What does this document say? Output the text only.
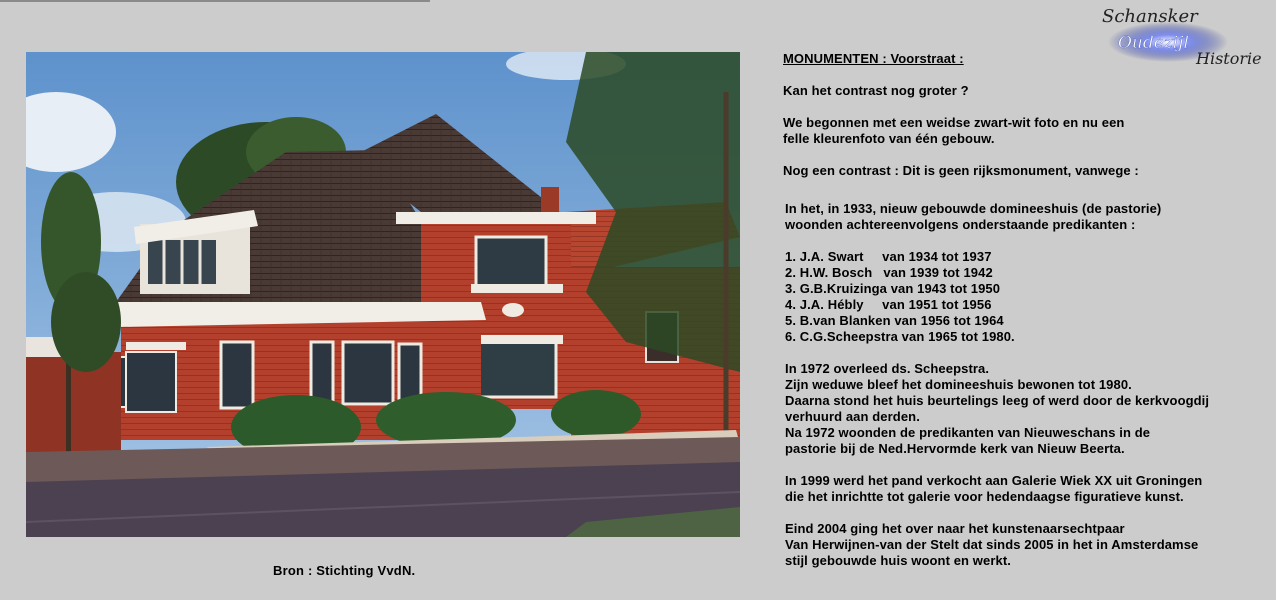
Bron : Stichting VvdN.
Schansker
Oudezijl
Historie
MONUMENTEN : Voorstraat :
Kan het contrast nog groter ?
We begonnen met een weidse zwart-wit foto en nu een
felle kleurenfoto van één gebouw.
Nog een contrast : Dit is geen rijksmonument, vanwege :
In het, in 1933, nieuw gebouwde domineeshuis (de pastorie)
woonden achtereenvolgens onderstaande predikanten :
1. J.A. Swart     van 1934 tot 1937
2. H.W. Bosch   van 1939 tot 1942
3. G.B.Kruizinga van 1943 tot 1950
4. J.A. Hébly     van 1951 tot 1956
5. B.van Blanken van 1956 tot 1964
6. C.G.Scheepstra van 1965 tot 1980.
In 1972 overleed ds. Scheepstra.
Zijn weduwe bleef het domineeshuis bewonen tot 1980.
Daarna stond het huis beurtelings leeg of werd door de kerkvoogdij
verhuurd aan derden.
Na 1972 woonden de predikanten van Nieuweschans in de
pastorie bij de Ned.Hervormde kerk van Nieuw Beerta.
In 1999 werd het pand verkocht aan Galerie Wiek XX uit Groningen
die het inrichtte tot galerie voor hedendaagse figuratieve kunst.
Eind 2004 ging het over naar het kunstenaarsechtpaar
Van Herwijnen-van der Stelt dat sinds 2005 in het in Amsterdamse
stijl gebouwde huis woont en werkt.
